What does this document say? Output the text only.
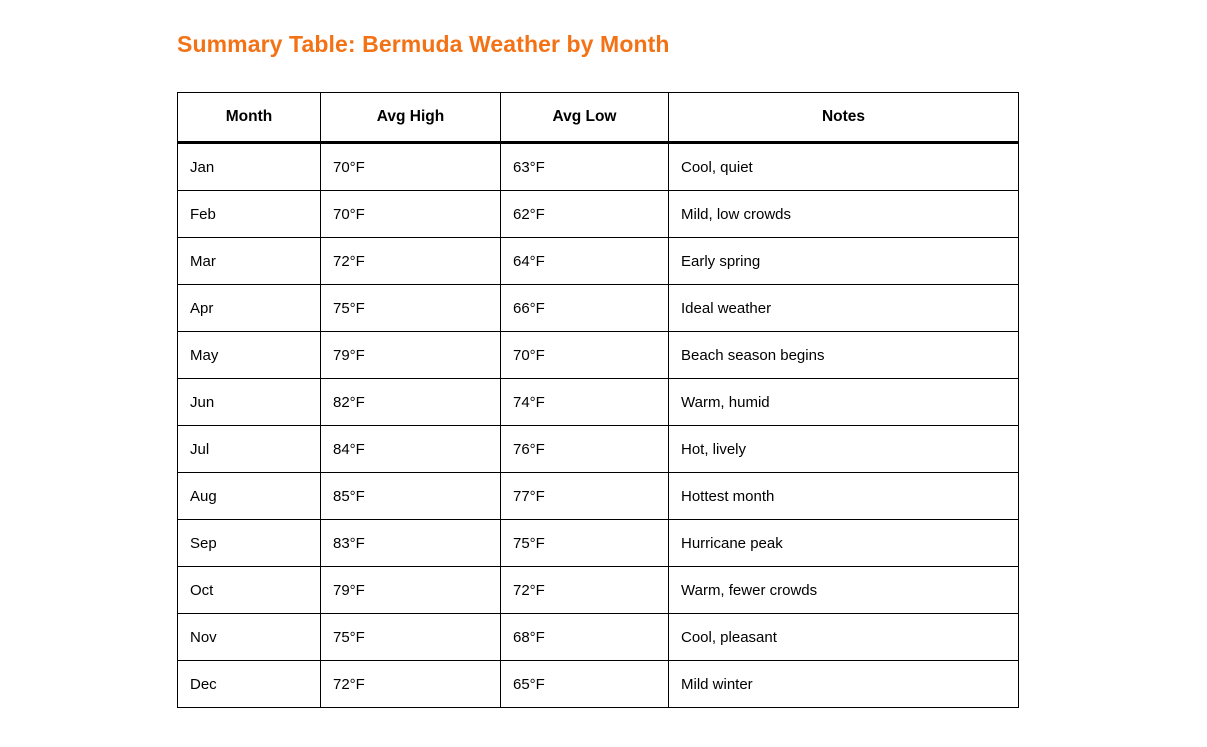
Summary Table: Bermuda Weather by Month
Month	Avg High	Avg Low	Notes
Jan	70°F	63°F	Cool, quiet
Feb	70°F	62°F	Mild, low crowds
Mar	72°F	64°F	Early spring
Apr	75°F	66°F	Ideal weather
May	79°F	70°F	Beach season begins
Jun	82°F	74°F	Warm, humid
Jul	84°F	76°F	Hot, lively
Aug	85°F	77°F	Hottest month
Sep	83°F	75°F	Hurricane peak
Oct	79°F	72°F	Warm, fewer crowds
Nov	75°F	68°F	Cool, pleasant
Dec	72°F	65°F	Mild winter
